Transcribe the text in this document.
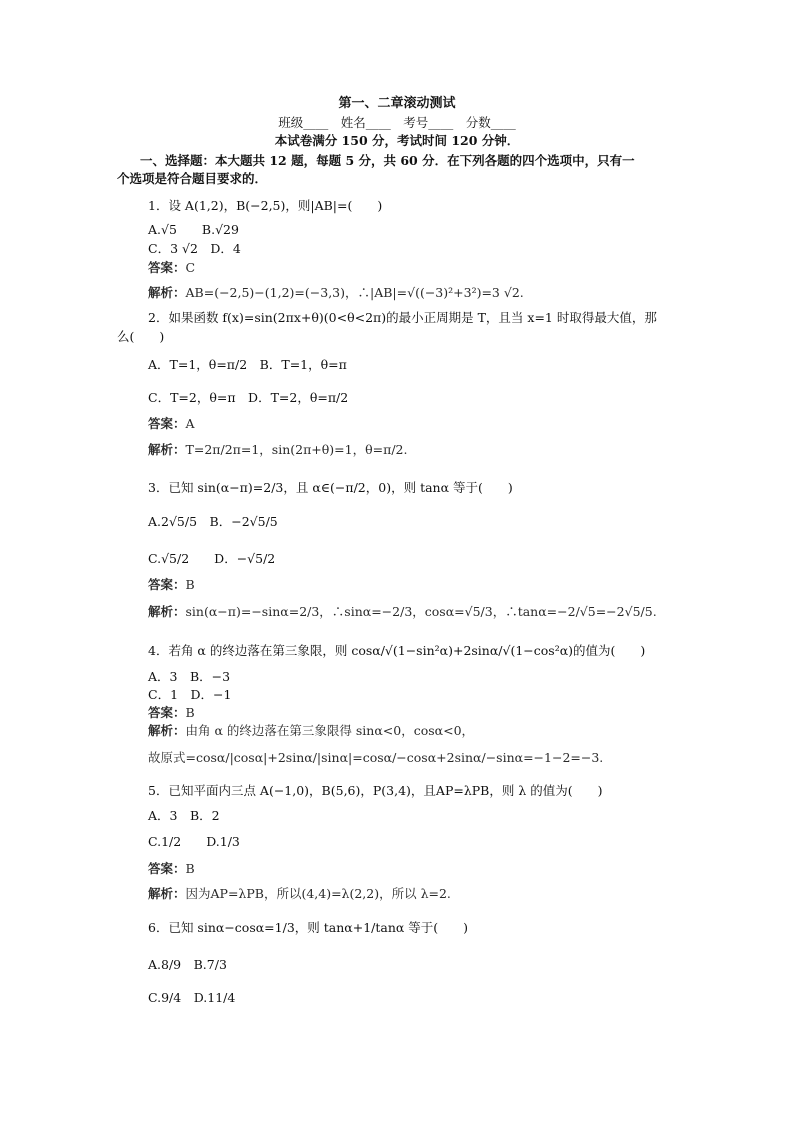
第一、二章滚动测试
班级____　姓名____　考号____　分数____
本试卷满分 150 分，考试时间 120 分钟．
一、选择题：本大题共 12 题，每题 5 分，共 60 分．在下列各题的四个选项中，只有一
个选项是符合题目要求的．
1．设 A(1,2)，B(−2,5)，则|AB|=(　　)
A.√5　　B.√29
C．3 √2　D．4
答案：C
解析：AB=(−2,5)−(1,2)=(−3,3)，∴|AB|=√((−3)²+3²)=3 √2.
2．如果函数 f(x)=sin(2πx+θ)(0<θ<2π)的最小正周期是 T，且当 x=1 时取得最大值，那
么(　　)
A．T=1，θ=π/2　B．T=1，θ=π
C．T=2，θ=π　D．T=2，θ=π/2
答案：A
解析：T=2π/2π=1，sin(2π+θ)=1，θ=π/2.
3．已知 sin(α−π)=2/3，且 α∈(−π/2，0)，则 tanα 等于(　　)
A.2√5/5　B．−2√5/5
C.√5/2　　D．−√5/2
答案：B
解析：sin(α−π)=−sinα=2/3，∴sinα=−2/3，cosα=√5/3，∴tanα=−2/√5=−2√5/5.
4．若角 α 的终边落在第三象限，则 cosα/√(1−sin²α)+2sinα/√(1−cos²α)的值为(　　)
A．3　B．−3
C．1　D．−1
答案：B
解析：由角 α 的终边落在第三象限得 sinα<0，cosα<0，
故原式=cosα/|cosα|+2sinα/|sinα|=cosα/−cosα+2sinα/−sinα=−1−2=−3.
5．已知平面内三点 A(−1,0)，B(5,6)，P(3,4)，且AP=λPB，则 λ 的值为(　　)
A．3　B．2
C.1/2　　D.1/3
答案：B
解析：因为AP=λPB，所以(4,4)=λ(2,2)，所以 λ=2.
6．已知 sinα−cosα=1/3，则 tanα+1/tanα 等于(　　)
A.8/9　B.7/3
C.9/4　D.11/4
